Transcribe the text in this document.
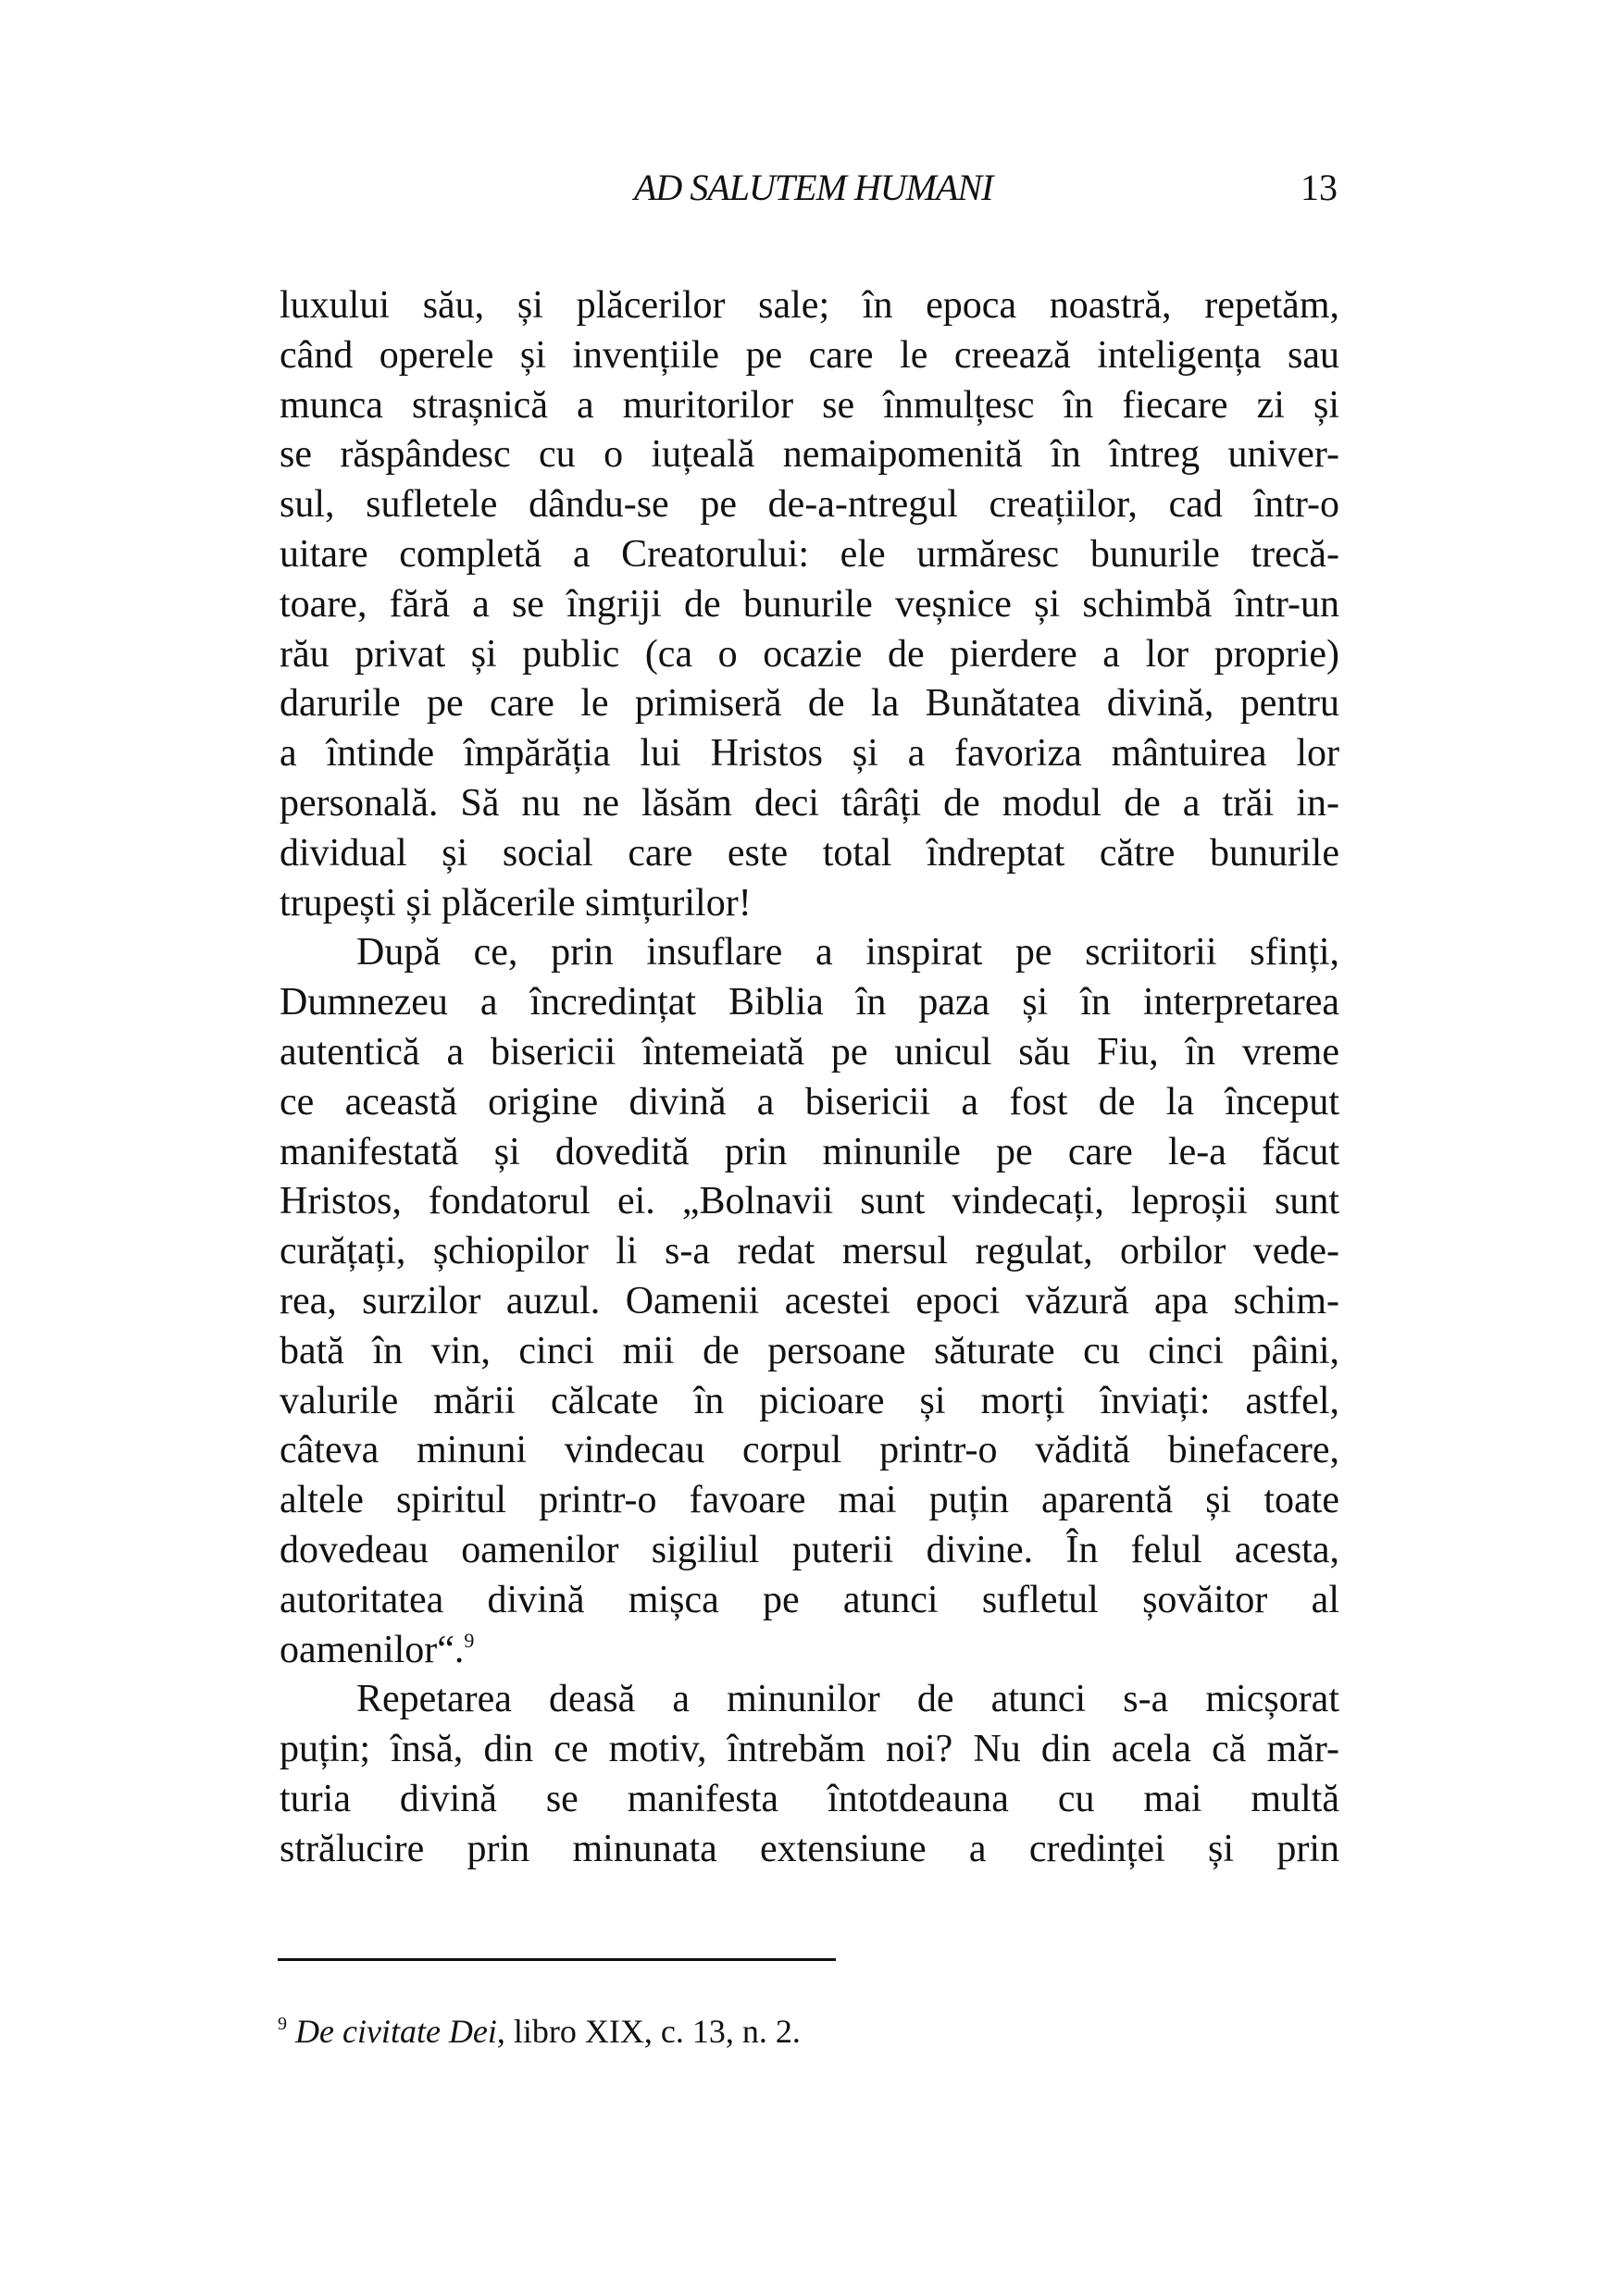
AD SALUTEM HUMANI	13
luxului său, și plăcerilor sale; în epoca noastră, repetăm,
când operele și invențiile pe care le creează inteligența sau
munca strașnică a muritorilor se înmulțesc în fiecare zi și
se răspândesc cu o iuțeală nemaipomenită în întreg univer-
sul, sufletele dându-se pe de-a-ntregul creațiilor, cad într-o
uitare completă a Creatorului: ele urmăresc bunurile trecă-
toare, fără a se îngriji de bunurile veșnice și schimbă într-un
rău privat și public (ca o ocazie de pierdere a lor proprie)
darurile pe care le primiseră de la Bunătatea divină, pentru
a întinde împărăția lui Hristos și a favoriza mântuirea lor
personală. Să nu ne lăsăm deci târâți de modul de a trăi in-
dividual și social care este total îndreptat către bunurile
trupești și plăcerile simțurilor!
După ce, prin insuflare a inspirat pe scriitorii sfinți,
Dumnezeu a încredințat Biblia în paza și în interpretarea
autentică a bisericii întemeiată pe unicul său Fiu, în vreme
ce această origine divină a bisericii a fost de la început
manifestată și dovedită prin minunile pe care le-a făcut
Hristos, fondatorul ei. „Bolnavii sunt vindecați, leproșii sunt
curățați, șchiopilor li s-a redat mersul regulat, orbilor vede-
rea, surzilor auzul. Oamenii acestei epoci văzură apa schim-
bată în vin, cinci mii de persoane săturate cu cinci pâini,
valurile mării călcate în picioare și morți înviați: astfel,
câteva minuni vindecau corpul printr-o vădită binefacere,
altele spiritul printr-o favoare mai puțin aparentă și toate
dovedeau oamenilor sigiliul puterii divine. În felul acesta,
autoritatea divină mișca pe atunci sufletul șovăitor al
oamenilor“.$^9$
Repetarea deasă a minunilor de atunci s-a micșorat
puțin; însă, din ce motiv, întrebăm noi? Nu din acela că măr-
turia divină se manifesta întotdeauna cu mai multă
strălucire prin minunata extensiune a credinței și prin
$^9$ De civitate Dei, libro XIX, c. 13, n. 2.
